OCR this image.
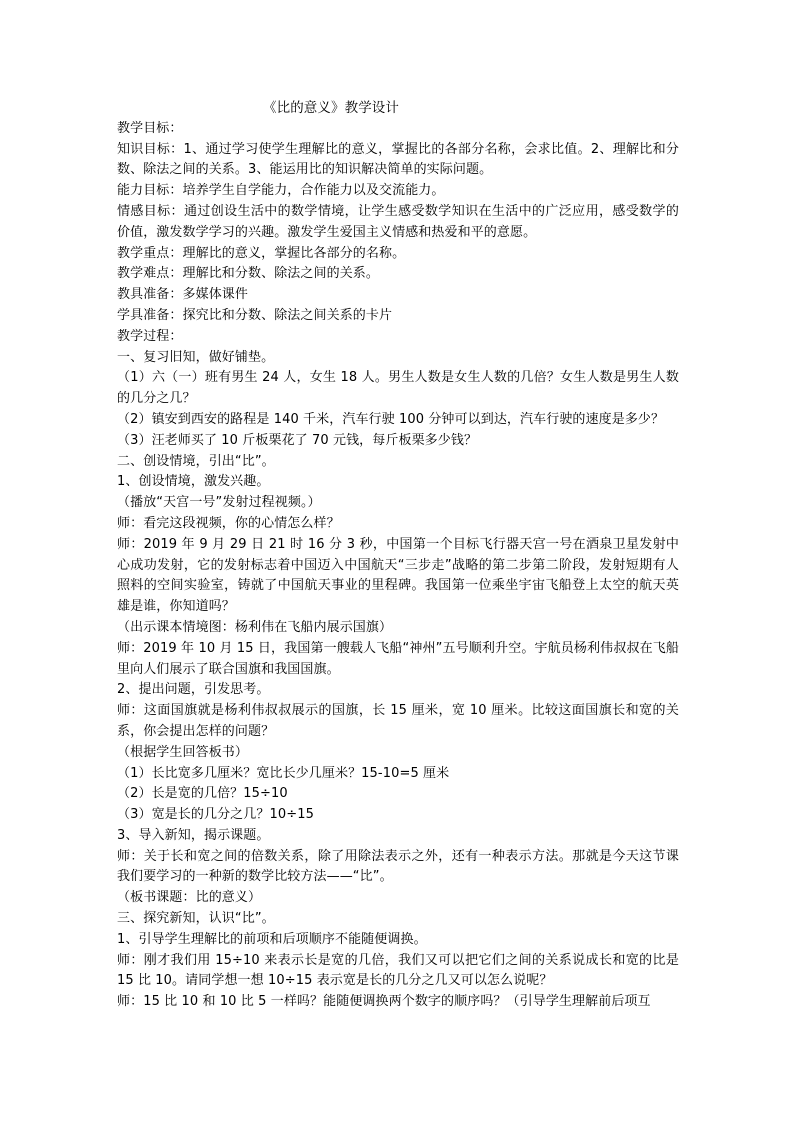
《比的意义》教学设计
教学目标：
知识目标：1、通过学习使学生理解比的意义，掌握比的各部分名称，会求比值。2、理解比和分数、除法之间的关系。3、能运用比的知识解决简单的实际问题。
能力目标：培养学生自学能力，合作能力以及交流能力。
情感目标：通过创设生活中的数学情境，让学生感受数学知识在生活中的广泛应用，感受数学的价值，激发数学学习的兴趣。激发学生爱国主义情感和热爱和平的意愿。
教学重点：理解比的意义，掌握比各部分的名称。
教学难点：理解比和分数、除法之间的关系。
教具准备：多媒体课件
学具准备：探究比和分数、除法之间关系的卡片
教学过程：
一、复习旧知，做好铺垫。
（1）六（一）班有男生 24 人，女生 18 人。男生人数是女生人数的几倍？女生人数是男生人数的几分之几？
（2）镇安到西安的路程是 140 千米，汽车行驶 100 分钟可以到达，汽车行驶的速度是多少？
（3）汪老师买了 10 斤板栗花了 70 元钱，每斤板栗多少钱？
二、创设情境，引出“比”。
1、创设情境，激发兴趣。
（播放“天宫一号”发射过程视频。）
师：看完这段视频，你的心情怎么样？
师：2019 年 9 月 29 日 21 时 16 分 3 秒，中国第一个目标飞行器天宫一号在酒泉卫星发射中心成功发射，它的发射标志着中国迈入中国航天“三步走”战略的第二步第二阶段，发射短期有人照料的空间实验室，铸就了中国航天事业的里程碑。我国第一位乘坐宇宙飞船登上太空的航天英雄是谁，你知道吗？
（出示课本情境图：杨利伟在飞船内展示国旗）
师：2019 年 10 月 15 日，我国第一艘载人飞船“神州”五号顺利升空。宇航员杨利伟叔叔在飞船里向人们展示了联合国旗和我国国旗。
2、提出问题，引发思考。
师：这面国旗就是杨利伟叔叔展示的国旗，长 15 厘米，宽 10 厘米。比较这面国旗长和宽的关系，你会提出怎样的问题？
（根据学生回答板书）
（1）长比宽多几厘米？宽比长少几厘米？15-10=5 厘米
（2）长是宽的几倍？15÷10
（3）宽是长的几分之几？10÷15
3、导入新知，揭示课题。
师：关于长和宽之间的倍数关系，除了用除法表示之外，还有一种表示方法。那就是今天这节课我们要学习的一种新的数学比较方法——“比”。
（板书课题：比的意义）
三、探究新知，认识“比”。
1、引导学生理解比的前项和后项顺序不能随便调换。
师：刚才我们用 15÷10 来表示长是宽的几倍，我们又可以把它们之间的关系说成长和宽的比是 15 比 10。请同学想一想 10÷15 表示宽是长的几分之几又可以怎么说呢？
师：15 比 10 和 10 比 5 一样吗？能随便调换两个数字的顺序吗？（引导学生理解前后项互
